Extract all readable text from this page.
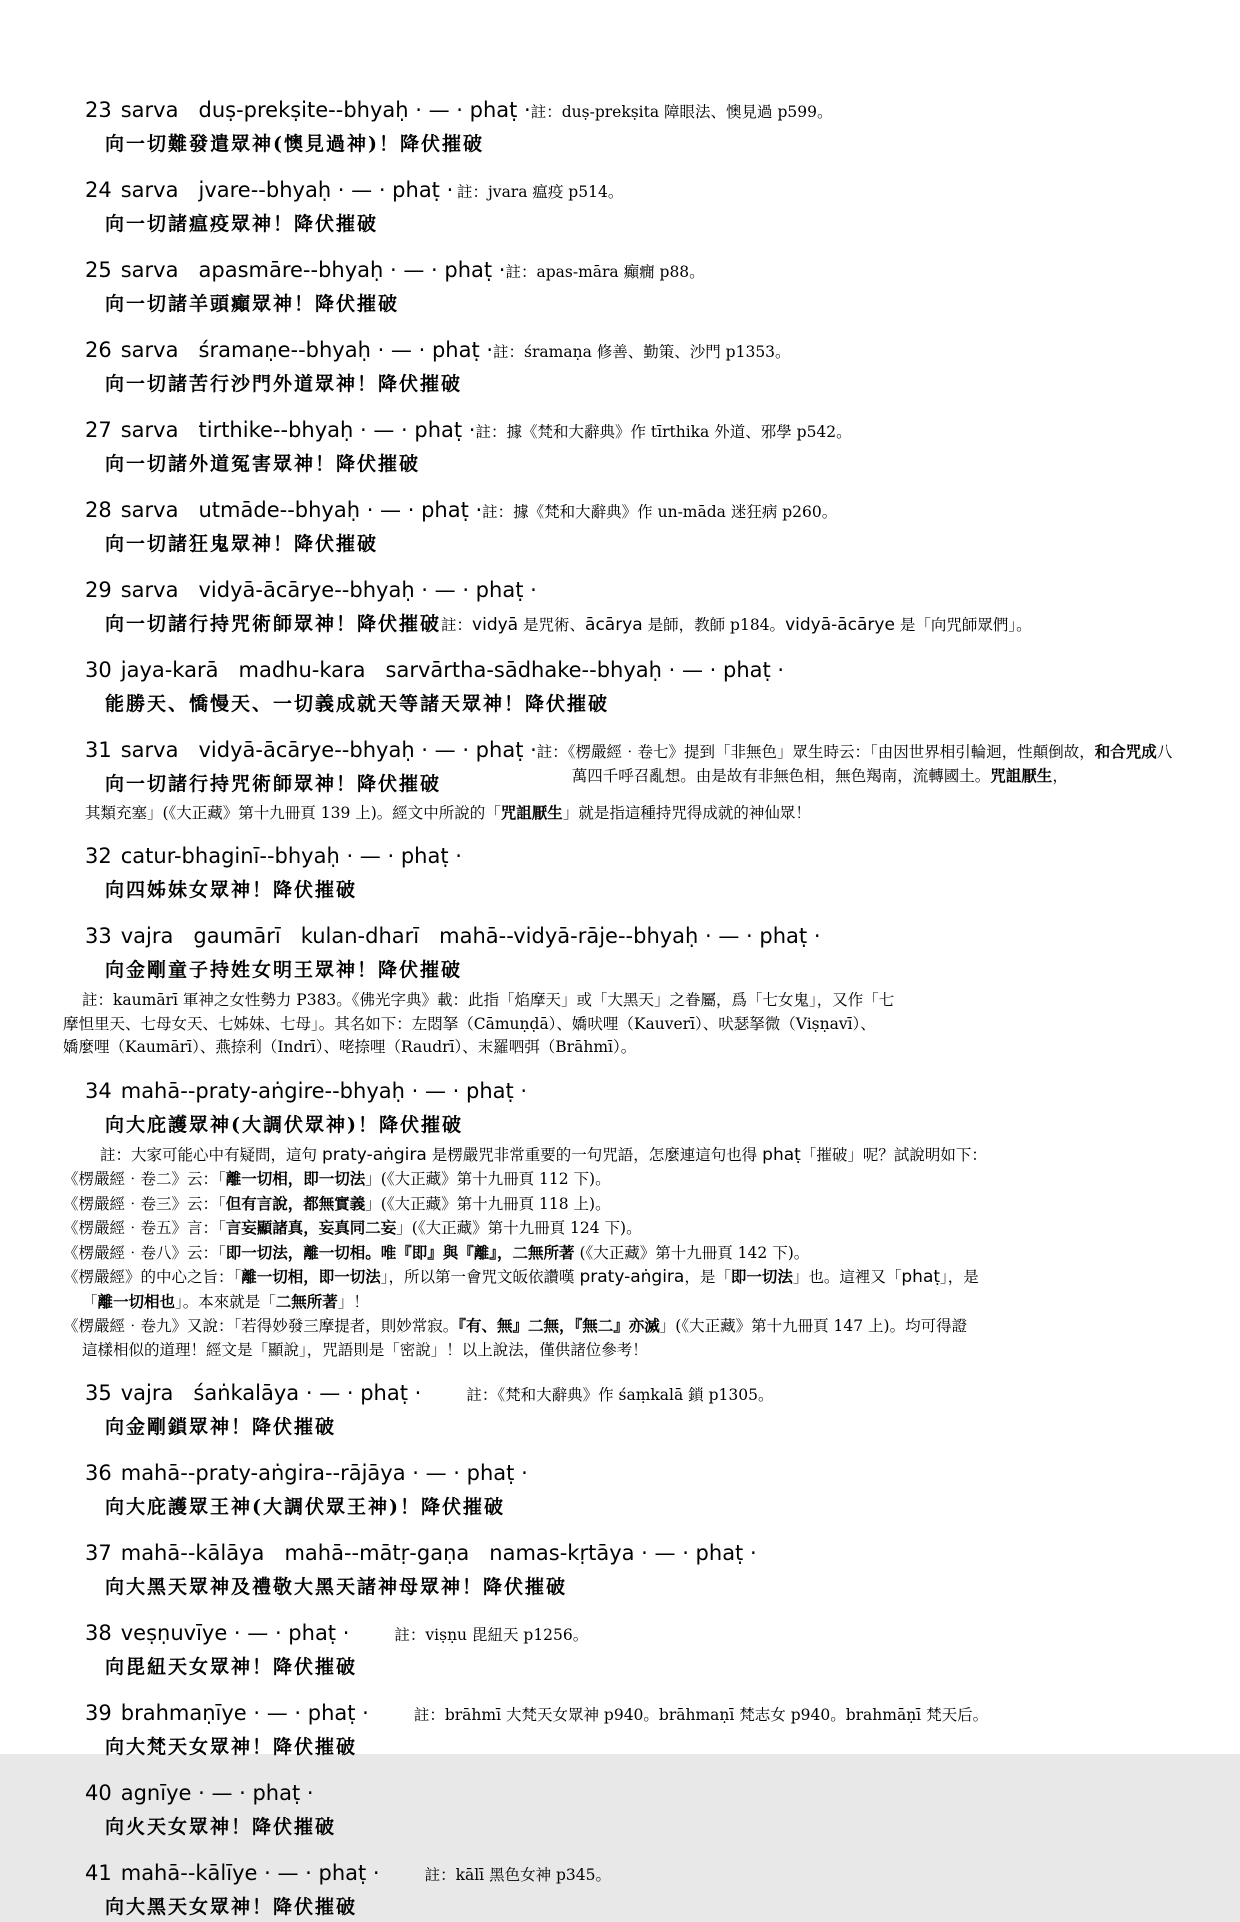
23 sarva   duṣ-prekṣite--bhyaḥ · — · phaṭ · 註：duṣ-prekṣita 障眼法、懊見過 p599。
向一切難發遣眾神(懊見過神)！降伏摧破
24 sarva   jvare--bhyaḥ · — · phaṭ · 註：jvara 瘟疫 p514。
向一切諸瘟疫眾神！降伏摧破
25 sarva   apasmāre--bhyaḥ · — · phaṭ · 註：apas-māra 癲癇 p88。
向一切諸羊頭癲眾神！降伏摧破
26 sarva   śramaṇe--bhyaḥ · — · phaṭ · 註：śramaṇa 修善、勤策、沙門 p1353。
向一切諸苦行沙門外道眾神！降伏摧破
27 sarva   tirthike--bhyaḥ · — · phaṭ · 註：據《梵和大辭典》作 tīrthika 外道、邪學 p542。
向一切諸外道冤害眾神！降伏摧破
28 sarva   utmāde--bhyaḥ · — · phaṭ · 註：據《梵和大辭典》作 un-māda 迷狂病 p260。
向一切諸狂鬼眾神！降伏摧破
29 sarva   vidyā-ācārye--bhyaḥ · — · phaṭ ·
向一切諸行持咒術師眾神！降伏摧破 註：vidyā 是咒術、ācārya 是師，教師 p184。vidyā-ācārye 是「向咒師眾們」。
30 jaya-karā   madhu-kara   sarvārtha-sādhake--bhyaḥ · — · phaṭ ·
能勝天、憍慢天、一切義成就天等諸天眾神！降伏摧破
31 sarva   vidyā-ācārye--bhyaḥ · — · phaṭ ·
向一切諸行持咒術師眾神！降伏摧破
註：《楞嚴經‧卷七》提到「非無色」眾生時云：「由因世界相引輪迴，性顛倒故，和合咒成八萬四千呼召亂想。由是故有非無色相，無色羯南，流轉國土。咒詛厭生，
其類充塞」(《大正藏》第十九冊頁 139 上)。經文中所說的「咒詛厭生」就是指這種持咒得成就的神仙眾！
32 catur-bhaginī--bhyaḥ · — · phaṭ ·
向四姊妹女眾神！降伏摧破
33 vajra   gaumārī   kulan-dharī   mahā--vidyā-rāje--bhyaḥ · — · phaṭ ·
向金剛童子持姓女明王眾神！降伏摧破
註：kaumārī 軍神之女性勢力 P383。《佛光字典》載：此指「焰摩天」或「大黑天」之眷屬，爲「七女鬼」，又作「七
摩怛里天、七母女天、七姊妹、七母」。其名如下：左悶拏（Cāmuṇḍā）、嬌吠哩（Kauverī）、吠瑟拏微（Viṣṇavī）、
嬌麼哩（Kaumārī）、燕捺利（Indrī）、咾捺哩（Raudrī）、末羅呬弭（Brāhmī）。
34 mahā--praty-aṅgire--bhyaḥ · — · phaṭ ·
向大庇護眾神(大調伏眾神)！降伏摧破
註：大家可能心中有疑問，這句 praty-aṅgira 是楞嚴咒非常重要的一句咒語，怎麼連這句也得 phaṭ「摧破」呢？試說明如下：
《楞嚴經‧卷二》云：「離一切相，即一切法」(《大正藏》第十九冊頁 112 下)。
《楞嚴經‧卷三》云：「但有言說，都無實義」(《大正藏》第十九冊頁 118 上)。
《楞嚴經‧卷五》言：「言妄顯諸真，妄真同二妄」(《大正藏》第十九冊頁 124 下)。
《楞嚴經‧卷八》云：「即一切法，離一切相。唯『即』與『離』，二無所著 (《大正藏》第十九冊頁 142 下)。
《楞嚴經》的中心之旨：「離一切相，即一切法」，所以第一會咒文皈依讚嘆 praty-aṅgira，是「即一切法」也。這裡又「phaṭ」，是
「離一切相也」。本來就是「二無所著」！
《楞嚴經‧卷九》又說：「若得妙發三摩提者，則妙常寂。『有、無』二無，『無二』亦滅」(《大正藏》第十九冊頁 147 上)。均可得證
這樣相似的道理！經文是「顯說」，咒語則是「密說」！以上說法，僅供諸位參考！
35 vajra   śaṅkalāya · — · phaṭ ·	註：《梵和大辭典》作 śaṃkalā 鎖 p1305。
向金剛鎖眾神！降伏摧破
36 mahā--praty-aṅgira--rājāya · — · phaṭ ·
向大庇護眾王神(大調伏眾王神)！降伏摧破
37 mahā--kālāya   mahā--mātṛ-gaṇa   namas-kṛtāya · — · phaṭ ·
向大黑天眾神及禮敬大黑天諸神母眾神！降伏摧破
38 veṣṇuvīye · — · phaṭ ·	註：viṣṇu 毘紐天 p1256。
向毘紐天女眾神！降伏摧破
39 brahmaṇīye · — · phaṭ ·	註：brāhmī 大梵天女眾神 p940。brāhmaṇī 梵志女 p940。brahmāṇī 梵天后。
向大梵天女眾神！降伏摧破
40 agnīye · — · phaṭ ·
向火天女眾神！降伏摧破
41 mahā--kālīye · — · phaṭ ·	註：kālī 黑色女神 p345。
向大黑天女眾神！降伏摧破
